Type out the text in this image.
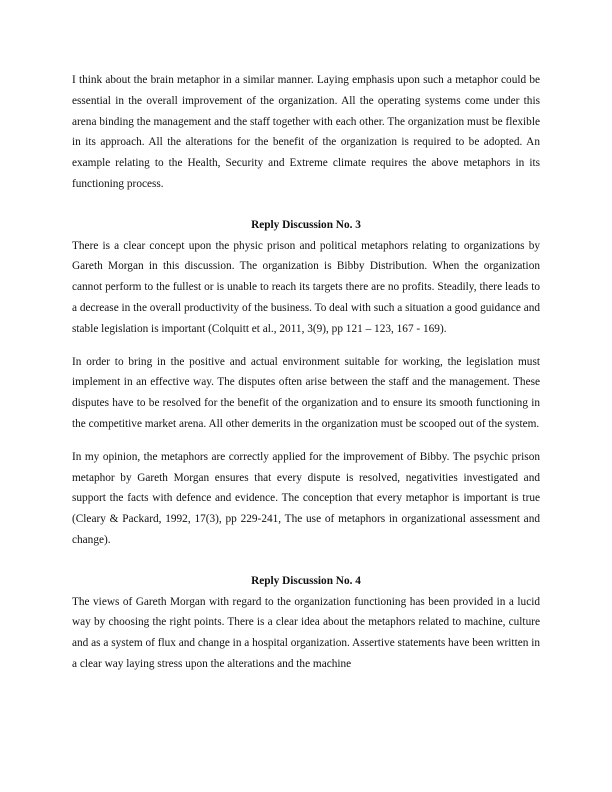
I think about the brain metaphor in a similar manner. Laying emphasis upon such a metaphor could be essential in the overall improvement of the organization. All the operating systems come under this arena binding the management and the staff together with each other. The organization must be flexible in its approach. All the alterations for the benefit of the organization is required to be adopted. An example relating to the Health, Security and Extreme climate requires the above metaphors in its functioning process.

Reply Discussion No. 3

There is a clear concept upon the physic prison and political metaphors relating to organizations by Gareth Morgan in this discussion. The organization is Bibby Distribution. When the organization cannot perform to the fullest or is unable to reach its targets there are no profits. Steadily, there leads to a decrease in the overall productivity of the business. To deal with such a situation a good guidance and stable legislation is important (Colquitt et al., 2011, 3(9), pp 121 – 123, 167 - 169).

In order to bring in the positive and actual environment suitable for working, the legislation must implement in an effective way. The disputes often arise between the staff and the management. These disputes have to be resolved for the benefit of the organization and to ensure its smooth functioning in the competitive market arena. All other demerits in the organization must be scooped out of the system.

In my opinion, the metaphors are correctly applied for the improvement of Bibby. The psychic prison metaphor by Gareth Morgan ensures that every dispute is resolved, negativities investigated and support the facts with defence and evidence. The conception that every metaphor is important is true (Cleary & Packard, 1992, 17(3), pp 229-241, The use of metaphors in organizational assessment and change).

Reply Discussion No. 4

The views of Gareth Morgan with regard to the organization functioning has been provided in a lucid way by choosing the right points. There is a clear idea about the metaphors related to machine, culture and as a system of flux and change in a hospital organization. Assertive statements have been written in a clear way laying stress upon the alterations and the machine
